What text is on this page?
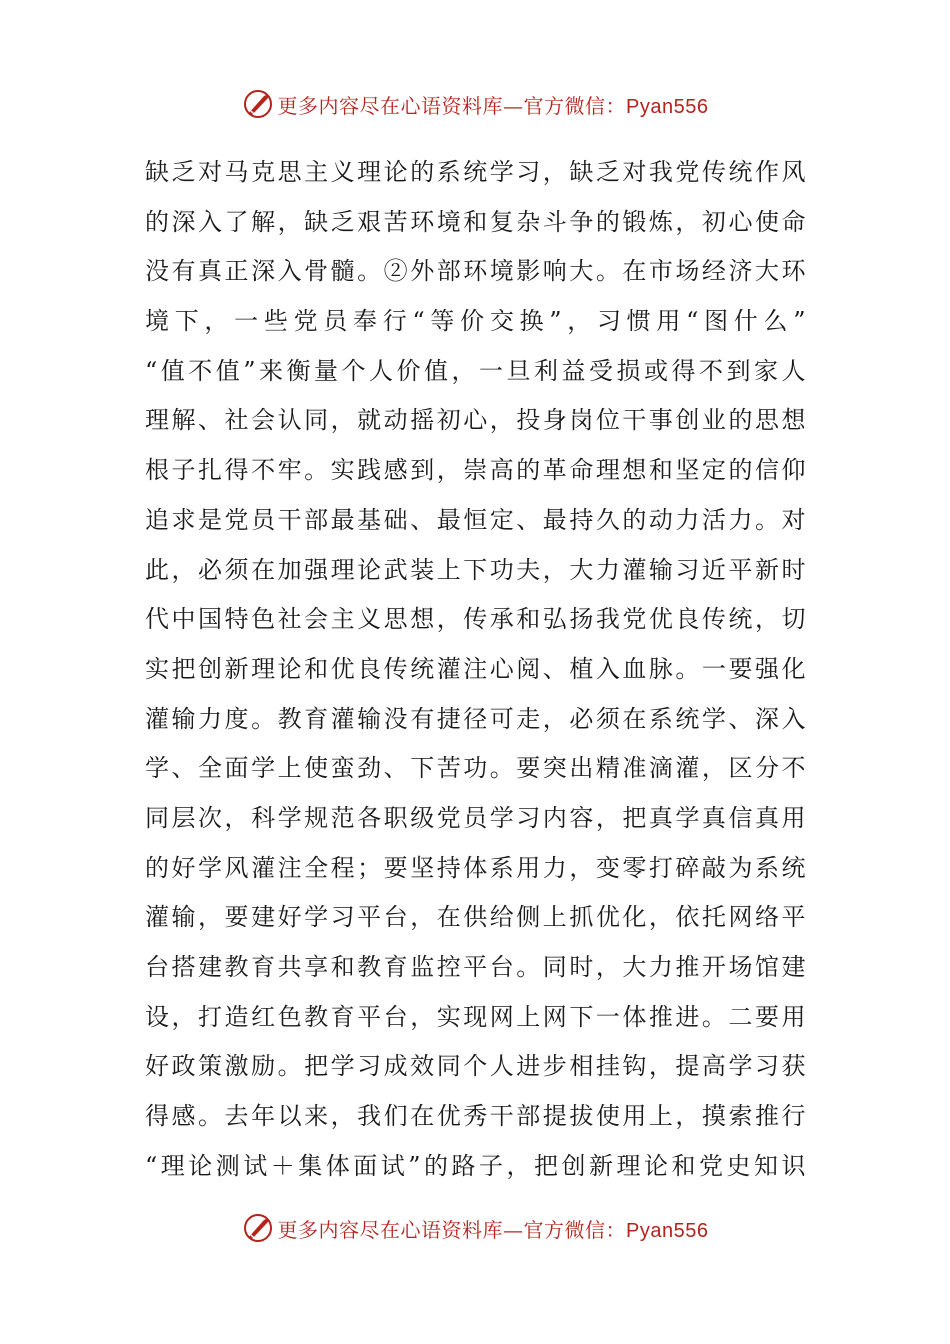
更多内容尽在心语资料库—官方微信：Pyan556
缺乏对马克思主义理论的系统学习，缺乏对我党传统作风
的深入了解，缺乏艰苦环境和复杂斗争的锻炼，初心使命
没有真正深入骨髓。②外部环境影响大。在市场经济大环
境下，一些党员奉行“等价交换”，习惯用“图什么”
“值不值”来衡量个人价值，一旦利益受损或得不到家人
理解、社会认同，就动摇初心，投身岗位干事创业的思想
根子扎得不牢。实践感到，崇高的革命理想和坚定的信仰
追求是党员干部最基础、最恒定、最持久的动力活力。对
此，必须在加强理论武装上下功夫，大力灌输习近平新时
代中国特色社会主义思想，传承和弘扬我党优良传统，切
实把创新理论和优良传统灌注心阅、植入血脉。一要强化
灌输力度。教育灌输没有捷径可走，必须在系统学、深入
学、全面学上使蛮劲、下苦功。要突出精准滴灌，区分不
同层次，科学规范各职级党员学习内容，把真学真信真用
的好学风灌注全程；要坚持体系用力，变零打碎敲为系统
灌输，要建好学习平台，在供给侧上抓优化，依托网络平
台搭建教育共享和教育监控平台。同时，大力推开场馆建
设，打造红色教育平台，实现网上网下一体推进。二要用
好政策激励。把学习成效同个人进步相挂钩，提高学习获
得感。去年以来，我们在优秀干部提拔使用上，摸索推行
“理论测试＋集体面试”的路子，把创新理论和党史知识
更多内容尽在心语资料库—官方微信：Pyan556
